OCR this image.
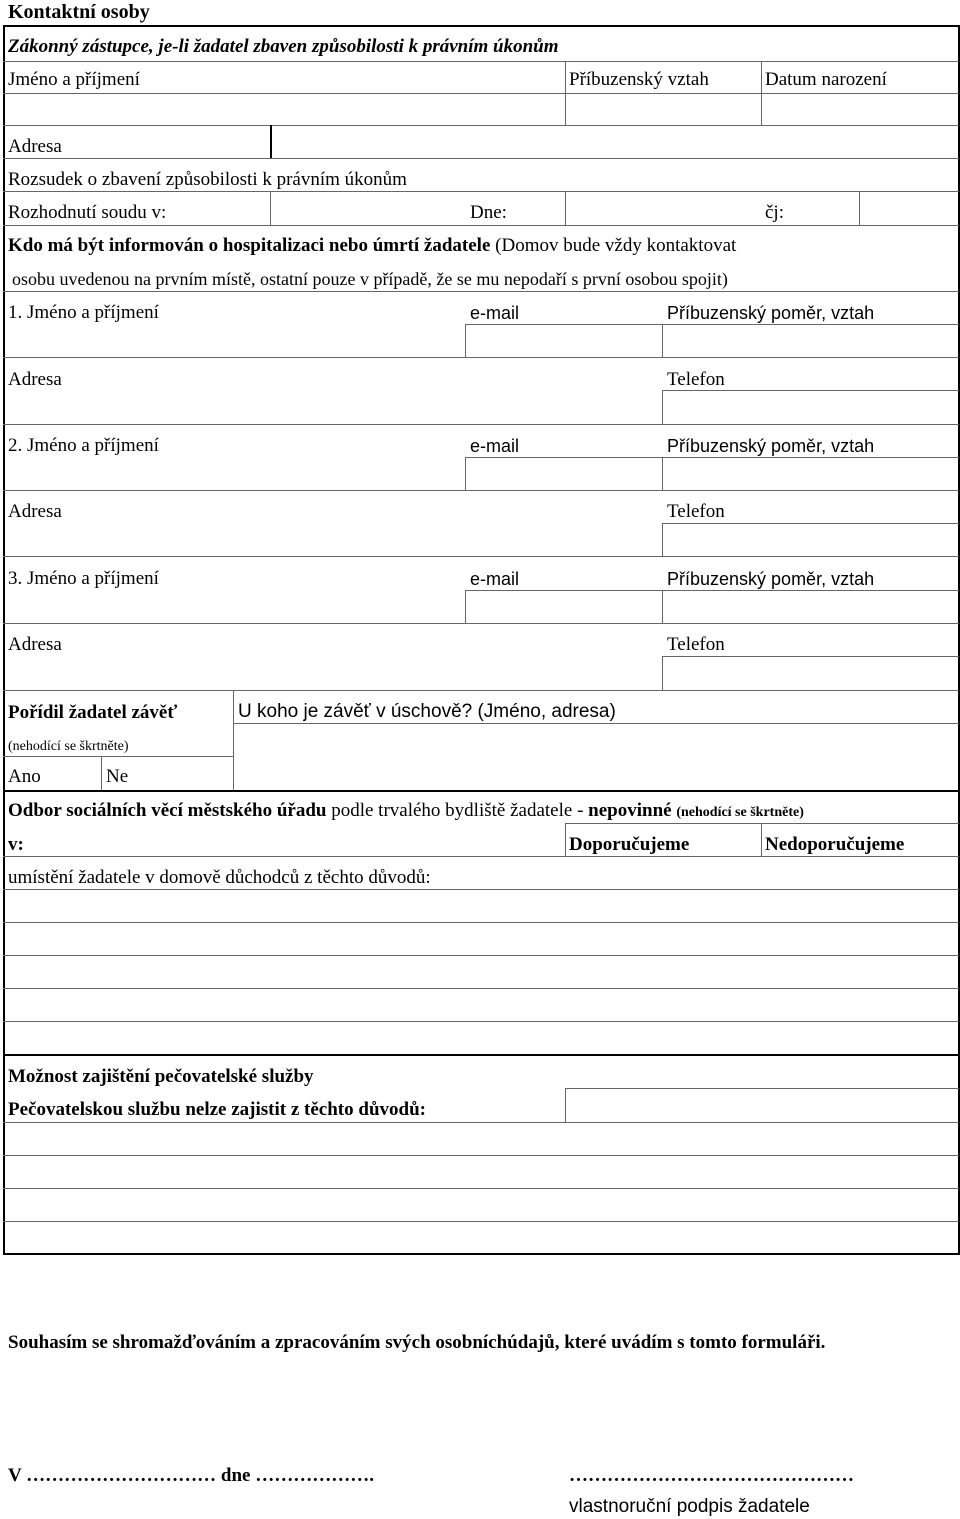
Kontaktní osoby
Zákonný zástupce, je-li žadatel zbaven způsobilosti k právním úkonům
Jméno a příjmení	Příbuzenský vztah	Datum narození
Adresa
Rozsudek o zbavení způsobilosti k právním úkonům
Rozhodnutí soudu v:	Dne:	čj:
Kdo má být informován o hospitalizaci nebo úmrtí žadatele (Domov bude vždy kontaktovat
osobu uvedenou na prvním místě, ostatní pouze v případě, že se mu nepodaří s první osobou spojit)
1. Jméno a příjmení	e-mail	Příbuzenský poměr, vztah
Adresa	Telefon
2. Jméno a příjmení	e-mail	Příbuzenský poměr, vztah
Adresa	Telefon
3. Jméno a příjmení	e-mail	Příbuzenský poměr, vztah
Adresa	Telefon
Pořídil žadatel závěť	U koho je závěť v úschově? (Jméno, adresa)
(nehodící se škrtněte)
Ano	Ne
Odbor sociálních věcí městského úřadu podle trvalého bydliště žadatele - nepovinné (nehodící se škrtněte)
v:	Doporučujeme	Nedoporučujeme
umístění žadatele v domově důchodců z těchto důvodů:
Možnost zajištění pečovatelské služby
Pečovatelskou službu nelze zajistit z těchto důvodů:
Souhasím se shromažďováním a zpracováním svých osobníchúdajů, které uvádím s tomto formuláři.
V ………………………… dne ……………….	………………………………………
vlastnoruční podpis žadatele
